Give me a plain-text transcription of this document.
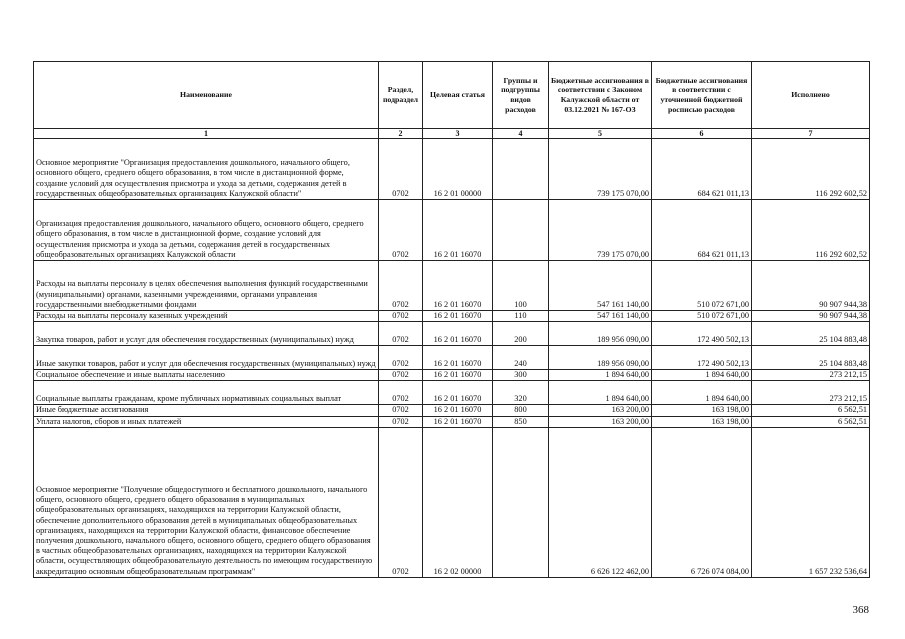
Наименование	Раздел, подраздел	Целевая статья	Группы и подгруппы видов расходов	Бюджетные ассигнования в соответствии с Законом Калужской области от 03.12.2021 № 167-ОЗ	Бюджетные ассигнования в соответствии с уточненной бюджетной росписью расходов	Исполнено
1	2	3	4	5	6	7
Основное мероприятие "Организация предоставления дошкольного, начального общего, основного общего, среднего общего образования, в том числе в дистанционной форме, создание условий для осуществления присмотра и ухода за детьми, содержания детей в государственных общеобразовательных организациях Калужской области"	0702	16 2 01 00000		739 175 070,00	684 621 011,13	116 292 602,52
Организация предоставления дошкольного, начального общего, основного общего, среднего общего образования, в том числе в дистанционной форме, создание условий для осуществления присмотра и ухода за детьми, содержания детей в государственных общеобразовательных организациях Калужской области	0702	16 2 01 16070		739 175 070,00	684 621 011,13	116 292 602,52
Расходы на выплаты персоналу в целях обеспечения выполнения функций государственными (муниципальными) органами, казенными учреждениями, органами управления государственными внебюджетными фондами	0702	16 2 01 16070	100	547 161 140,00	510 072 671,00	90 907 944,38
Расходы на выплаты персоналу казенных учреждений	0702	16 2 01 16070	110	547 161 140,00	510 072 671,00	90 907 944,38
Закупка товаров, работ и услуг для обеспечения государственных (муниципальных) нужд	0702	16 2 01 16070	200	189 956 090,00	172 490 502,13	25 104 883,48
Иные закупки товаров, работ и услуг для обеспечения государственных (муниципальных) нужд	0702	16 2 01 16070	240	189 956 090,00	172 490 502,13	25 104 883,48
Социальное обеспечение и иные выплаты населению	0702	16 2 01 16070	300	1 894 640,00	1 894 640,00	273 212,15
Социальные выплаты гражданам, кроме публичных нормативных социальных выплат	0702	16 2 01 16070	320	1 894 640,00	1 894 640,00	273 212,15
Иные бюджетные ассигнования	0702	16 2 01 16070	800	163 200,00	163 198,00	6 562,51
Уплата налогов, сборов и иных платежей	0702	16 2 01 16070	850	163 200,00	163 198,00	6 562,51
Основное мероприятие "Получение общедоступного и бесплатного дошкольного, начального общего, основного общего, среднего общего образования в муниципальных общеобразовательных организациях, находящихся на территории Калужской области, обеспечение дополнительного образования детей в муниципальных общеобразовательных организациях, находящихся на территории Калужской области, финансовое обеспечение получения дошкольного, начального общего, основного общего, среднего общего образования в частных общеобразовательных организациях, находящихся на территории Калужской области, осуществляющих общеобразовательную деятельность по имеющим государственную аккредитацию основным общеобразовательным программам"	0702	16 2 02 00000		6 626 122 462,00	6 726 074 084,00	1 657 232 536,64
368
